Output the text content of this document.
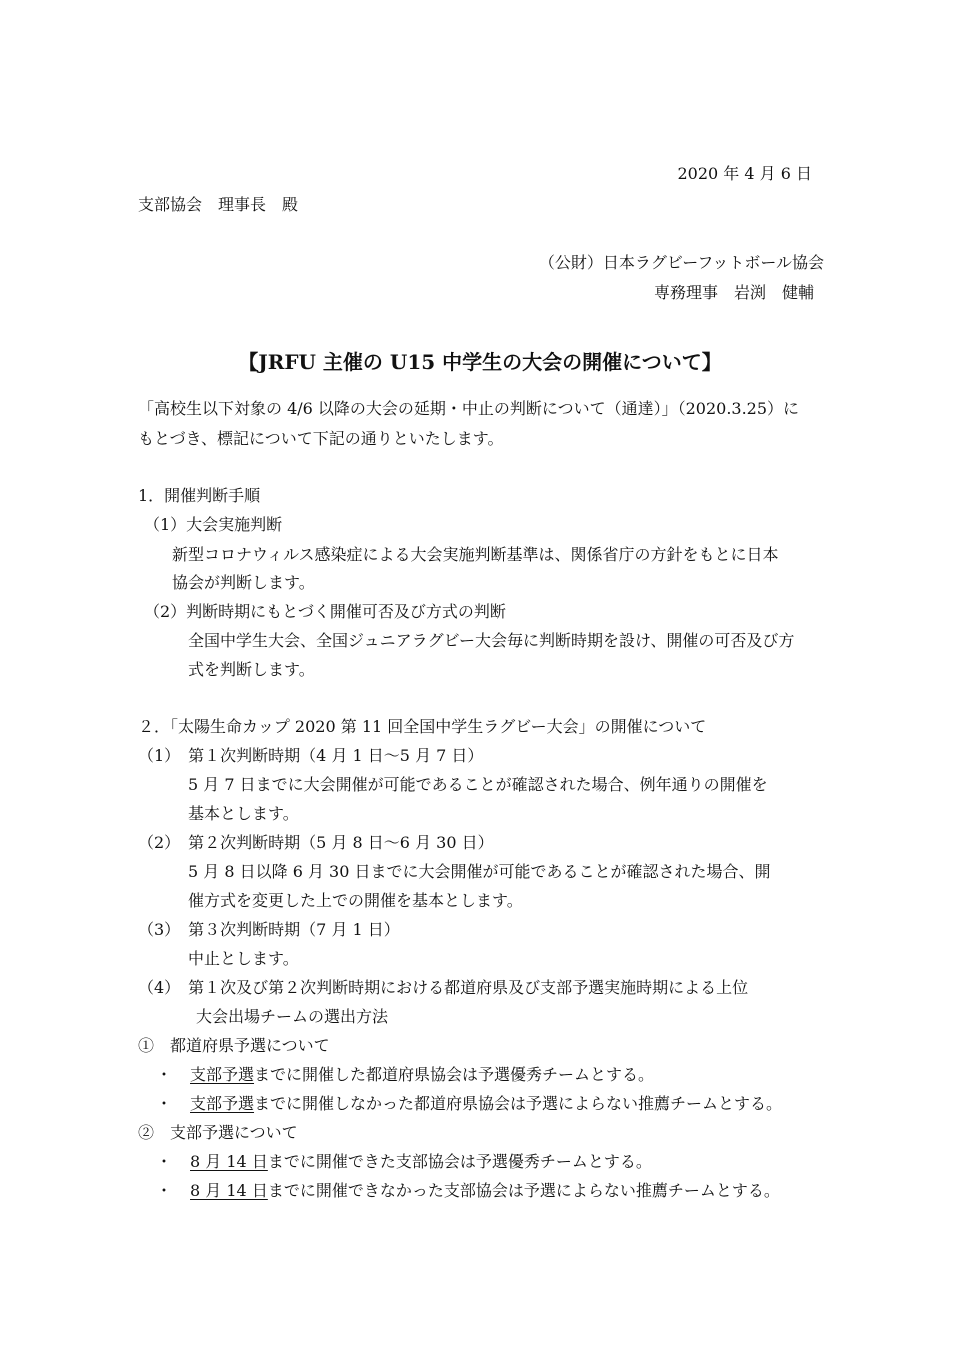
2020 年 4 月 6 日
支部協会　理事長　殿
（公財）日本ラグビーフットボール協会
専務理事　岩渕　健輔
【JRFU 主催の U15 中学生の大会の開催について】
「高校生以下対象の 4/6 以降の大会の延期・中止の判断について（通達）」（2020.3.25）に
もとづき、標記について下記の通りといたします。
1．開催判断手順
（1）大会実施判断
新型コロナウィルス感染症による大会実施判断基準は、関係省庁の方針をもとに日本
協会が判断します。
（2）判断時期にもとづく開催可否及び方式の判断
全国中学生大会、全国ジュニアラグビー大会毎に判断時期を設け、開催の可否及び方
式を判断します。
２．「太陽生命カップ 2020 第 11 回全国中学生ラグビー大会」の開催について
（1）　第１次判断時期（4 月 1 日～5 月 7 日）
5 月 7 日までに大会開催が可能であることが確認された場合、例年通りの開催を
基本とします。
（2）　第２次判断時期（5 月 8 日～6 月 30 日）
5 月 8 日以降 6 月 30 日までに大会開催が可能であることが確認された場合、開
催方式を変更した上での開催を基本とします。
（3）　第３次判断時期（7 月 1 日）
中止とします。
（4）　第１次及び第２次判断時期における都道府県及び支部予選実施時期による上位
大会出場チームの選出方法
①　都道府県予選について
・ 支部予選までに開催した都道府県協会は予選優秀チームとする。
・ 支部予選までに開催しなかった都道府県協会は予選によらない推薦チームとする。
②　支部予選について
・ 8 月 14 日までに開催できた支部協会は予選優秀チームとする。
・ 8 月 14 日までに開催できなかった支部協会は予選によらない推薦チームとする。
